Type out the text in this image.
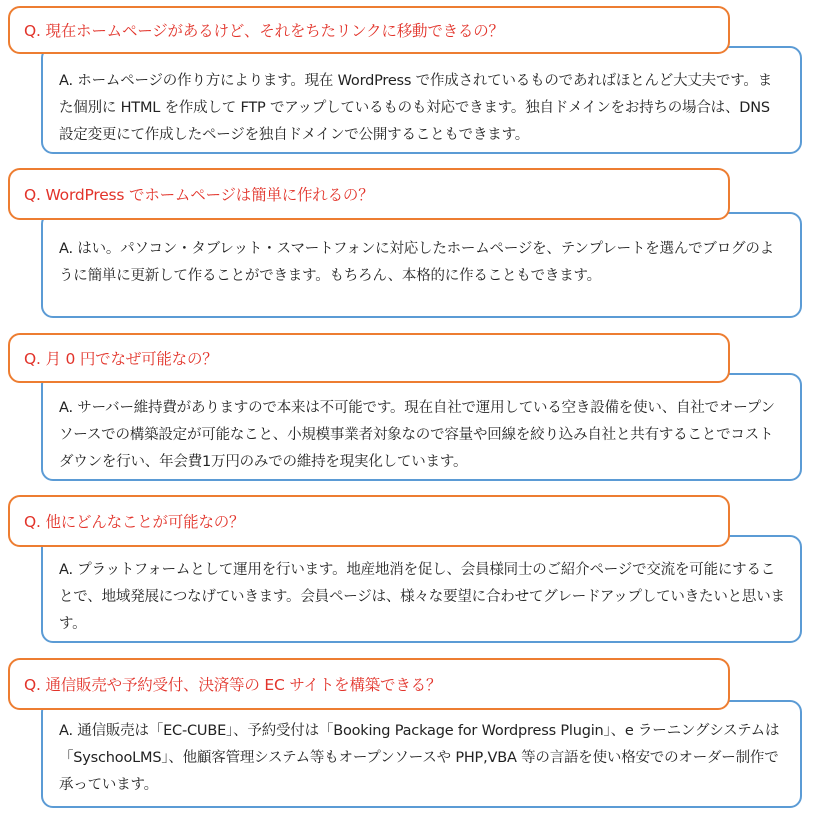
A. ホームページの作り方によります。現在 WordPress で作成されているものであればほとんど大丈夫です。また個別に HTML を作成して FTP でアップしているものも対応できます。独自ドメインをお持ちの場合は、DNS 設定変更にて作成したページを独自ドメインで公開することもできます。
Q. 現在ホームページがあるけど、それをちたリンクに移動できるの？
A. はい。パソコン・タブレット・スマートフォンに対応したホームページを、テンプレートを選んでブログのように簡単に更新して作ることができます。もちろん、本格的に作ることもできます。
Q. WordPress でホームページは簡単に作れるの？
A. サーバー維持費がありますので本来は不可能です。現在自社で運用している空き設備を使い、自社でオープンソースでの構築設定が可能なこと、小規模事業者対象なので容量や回線を絞り込み自社と共有することでコストダウンを行い、年会費1万円のみでの維持を現実化しています。
Q. 月 0 円でなぜ可能なの？
A. プラットフォームとして運用を行います。地産地消を促し、会員様同士のご紹介ページで交流を可能にすることで、地域発展につなげていきます。会員ページは、様々な要望に合わせてグレードアップしていきたいと思います。
Q. 他にどんなことが可能なの？
A. 通信販売は「EC-CUBE」、予約受付は「Booking Package for Wordpress Plugin」、e ラーニングシステムは「SyschooLMS」、他顧客管理システム等もオープンソースや PHP,VBA 等の言語を使い格安でのオーダー制作で承っています。
Q. 通信販売や予約受付、決済等の EC サイトを構築できる？
